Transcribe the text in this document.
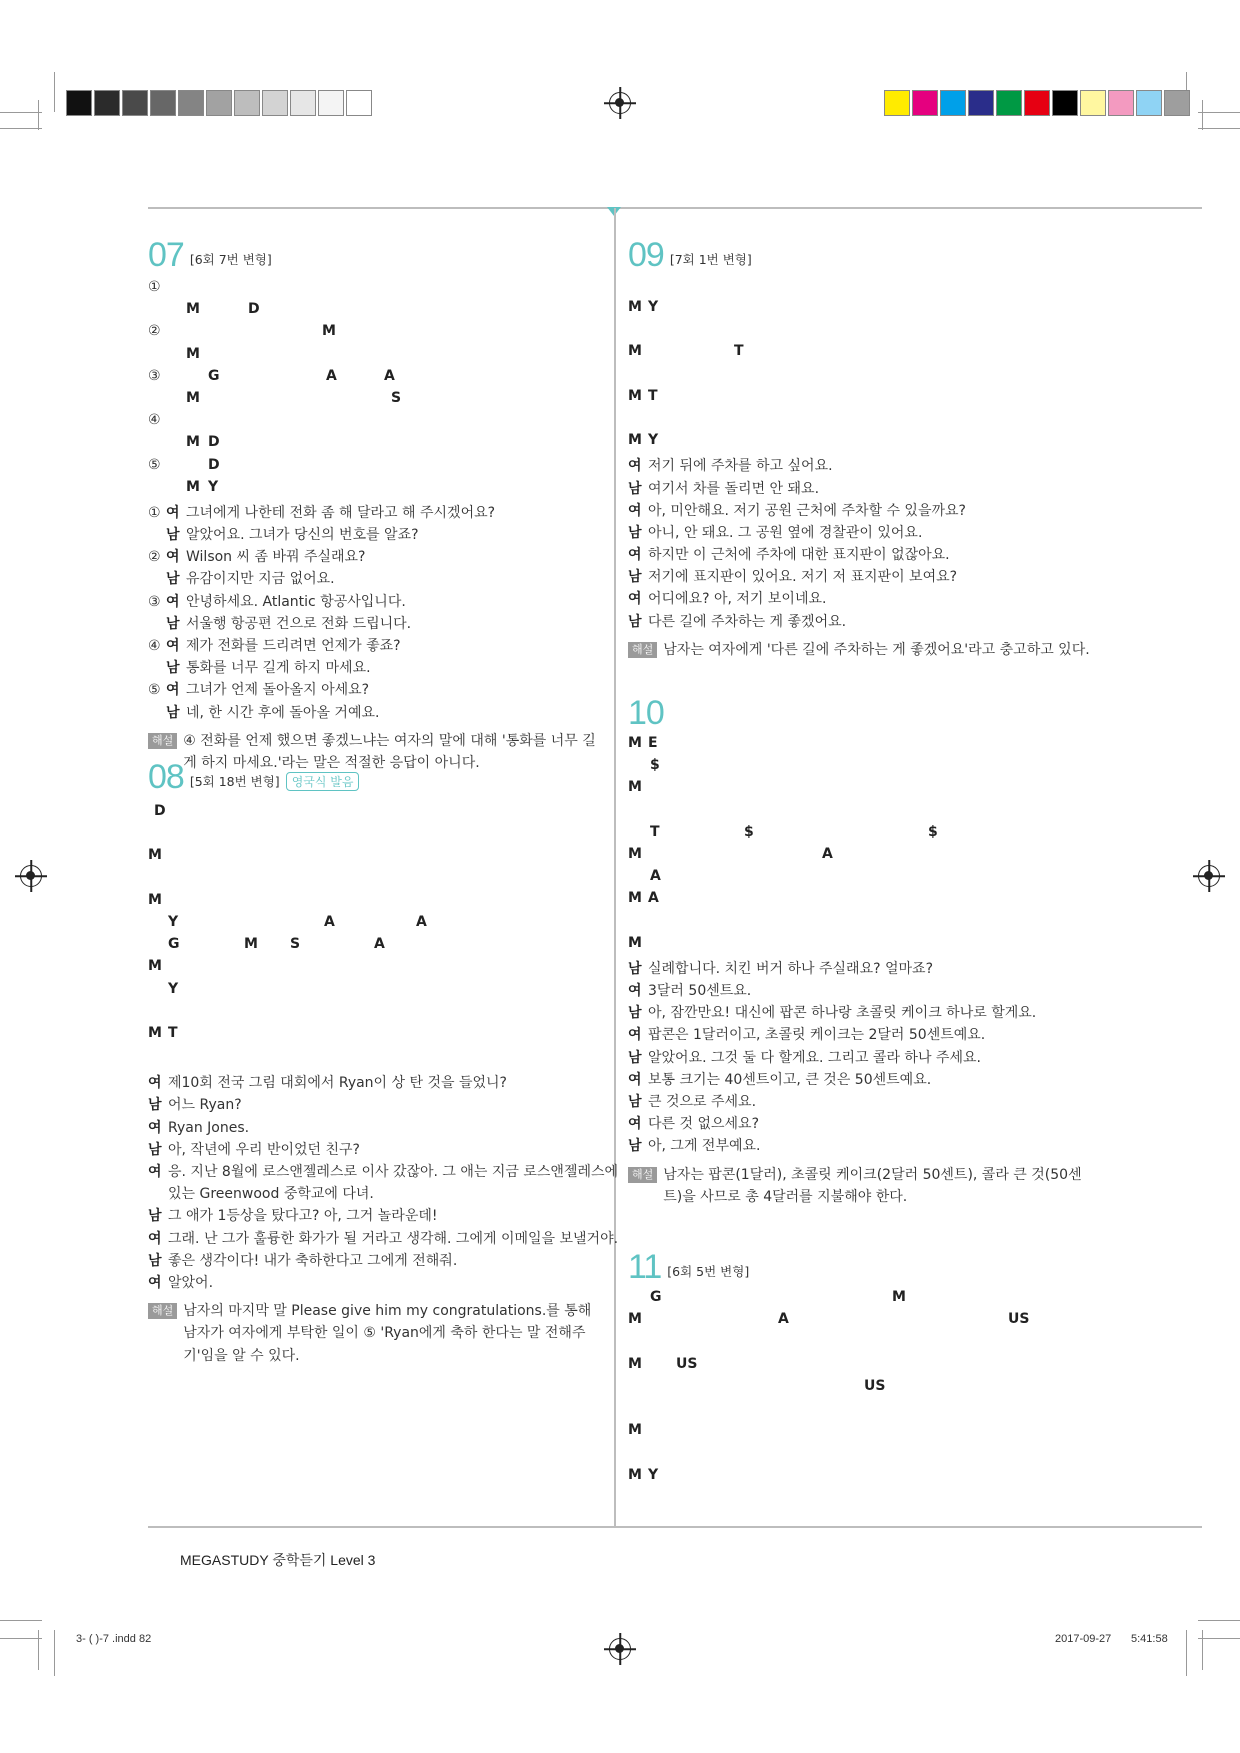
07 [6회 7번 변형]
①
M	D
②	M
M
③	G	A	A
M	S
④
M D
⑤	D
M Y
① 여 그녀에게 나한테 전화 좀 해 달라고 해 주시겠어요?
남 알았어요. 그녀가 당신의 번호를 알죠?
② 여 Wilson 씨 좀 바꿔 주실래요?
남 유감이지만 지금 없어요.
③ 여 안녕하세요. Atlantic 항공사입니다.
남 서울행 항공편 건으로 전화 드립니다.
④ 여 제가 전화를 드리려면 언제가 좋죠?
남 통화를 너무 길게 하지 마세요.
⑤ 여 그녀가 언제 돌아올지 아세요?
남 네, 한 시간 후에 돌아올 거예요.
해설 ④ 전화를 언제 했으면 좋겠느냐는 여자의 말에 대해 '통화를 너무 길게 하지 마세요.'라는 말은 적절한 응답이 아니다.
08 [5회 18번 변형]	영국식 발음
D
M
M
Y	A	A
G	M S	A
M
Y
M T
여 제10회 전국 그림 대회에서 Ryan이 상 탄 것을 들었니?
남 어느 Ryan?
여 Ryan Jones.
남 아, 작년에 우리 반이었던 친구?
여 응. 지난 8월에 로스앤젤레스로 이사 갔잖아. 그 애는 지금 로스앤젤레스에
있는 Greenwood 중학교에 다녀.
남 그 애가 1등상을 탔다고? 아, 그거 놀라운데!
여 그래. 난 그가 훌륭한 화가가 될 거라고 생각해. 그에게 이메일을 보낼거야.
남 좋은 생각이다! 내가 축하한다고 그에게 전해줘.
여 알았어.
해설 남자의 마지막 말 Please give him my congratulations.를 통해 남자가 여자에게 부탁한 일이 ⑤ 'Ryan에게 축하 한다는 말 전해주기'임을 알 수 있다.
09 [7회 1번 변형]
M Y
M	T
M T
M Y
여 저기 뒤에 주차를 하고 싶어요.
남 여기서 차를 돌리면 안 돼요.
여 아, 미안해요. 저기 공원 근처에 주차할 수 있을까요?
남 아니, 안 돼요. 그 공원 옆에 경찰관이 있어요.
여 하지만 이 근처에 주차에 대한 표지판이 없잖아요.
남 저기에 표지판이 있어요. 저기 저 표지판이 보여요?
여 어디에요? 아, 저기 보이네요.
남 다른 길에 주차하는 게 좋겠어요.
해설 남자는 여자에게 '다른 길에 주차하는 게 좋겠어요'라고 충고하고 있다.
10
M E
$
M
T	$	$
M	A
A
M A
M
남 실례합니다. 치킨 버거 하나 주실래요? 얼마죠?
여 3달러 50센트요.
남 아, 잠깐만요! 대신에 팝콘 하나랑 초콜릿 케이크 하나로 할게요.
여 팝콘은 1달러이고, 초콜릿 케이크는 2달러 50센트예요.
남 알았어요. 그것 둘 다 할게요. 그리고 콜라 하나 주세요.
여 보통 크기는 40센트이고, 큰 것은 50센트예요.
남 큰 것으로 주세요.
여 다른 것 없으세요?
남 아, 그게 전부예요.
해설 남자는 팝콘(1달러), 초콜릿 케이크(2달러 50센트), 콜라 큰 것(50센트)을 사므로 총 4달러를 지불해야 한다.
11 [6회 5번 변형]
G	M
M	A	US
M US
US
M
M Y
MEGASTUDY 중학듣기 Level 3
3- ( )-7 .indd 82	2017-09-27 5:41:58
